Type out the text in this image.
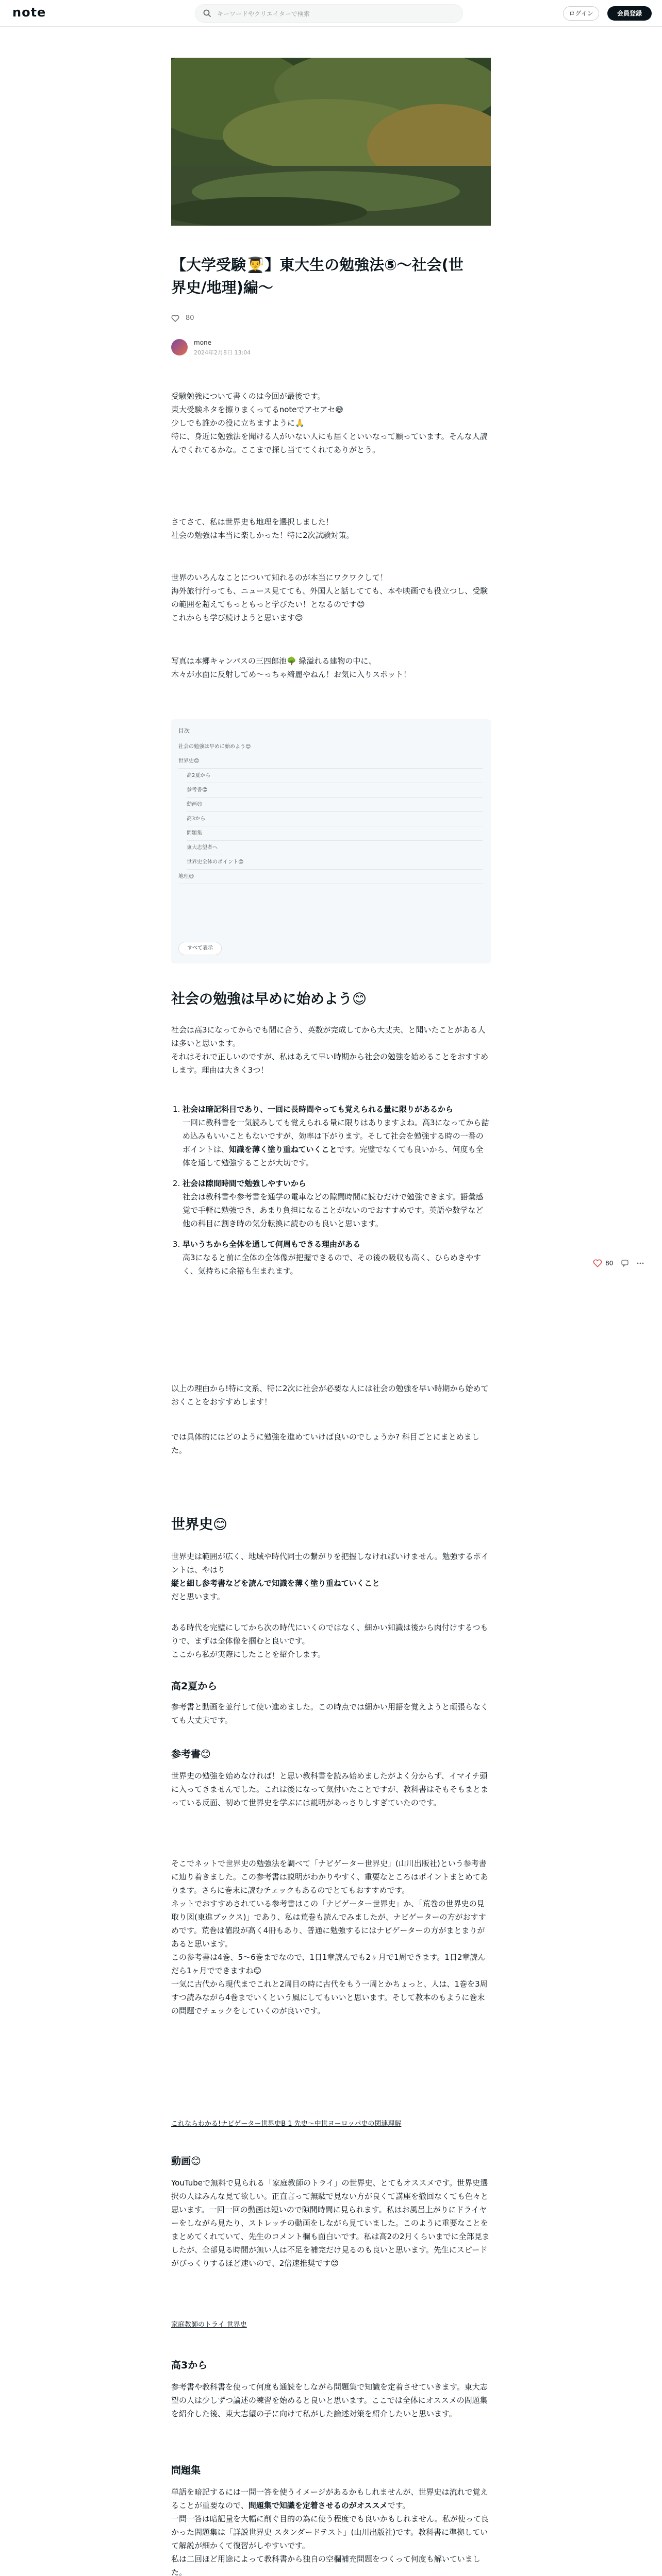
note	キーワードやクリエイターで検索	ログイン	会員登録
【大学受験👨‍🎓】東大生の勉強法⑤〜社会(世
界史/地理)編〜
80
mone
2024年2月8日 13:04
受験勉強について書くのは今回が最後です。
東大受験ネタを擦りまくってるnoteでアセアセ😅
少しでも誰かの役に立ちますように🙏
特に、身近に勉強法を聞ける人がいない人にも届くといいなって願っています。そんな人読んでくれてるかな。ここまで探し当ててくれてありがとう。
さてさて、私は世界史も地理を選択しました！
社会の勉強は本当に楽しかった！特に2次試験対策。
世界のいろんなことについて知れるのが本当にワクワクして！
海外旅行行っても、ニュース見てても、外国人と話してても、本や映画でも役立つし、受験の範囲を超えてもっともっと学びたい！となるのです😊
これからも学び続けようと思います😊
写真は本郷キャンパスの三四郎池🌳 緑溢れる建物の中に、
木々が水面に反射してめ〜っちゃ綺麗やねん！お気に入りスポット！
目次
社会の勉強は早めに始めよう😊
世界史😊
高2夏から
参考書😊
動画😊
高3から
問題集
東大志望者へ
世界史全体のポイント😊
地理😊
すべて表示
社会の勉強は早めに始めよう😊
社会は高3になってからでも間に合う、英数が完成してから大丈夫、と聞いたことがある人は多いと思います。
それはそれで正しいのですが、私はあえて早い時期から社会の勉強を始めることをおすすめします。理由は大きく3つ！
1. 社会は暗記科目であり、一回に長時間やっても覚えられる量に限りがあるから
一回に教科書を一気読みしても覚えられる量に限りはありますよね。高3になってから詰め込みもいいこともないですが、効率は下がります。そして社会を勉強する時の一番のポイントは、知識を薄く塗り重ねていくことです。完璧でなくても良いから、何度も全体を通して勉強することが大切です。
2. 社会は隙間時間で勉強しやすいから
社会は教科書や参考書を通学の電車などの隙間時間に読むだけで勉強できます。語彙感覚で手軽に勉強でき、あまり負担になることがないのでおすすめです。英語や数学など他の科目に割き時の気分転換に読むのも良いと思います。
3. 早いうちから全体を通して何周もできる理由がある
高3になると前に全体の全体像が把握できるので、その後の吸収も高く、ひらめきやすく、気持ちに余裕も生まれます。
以上の理由から!特に文系、特に2次に社会が必要な人には社会の勉強を早い時期から始めておくことをおすすめします！
では具体的にはどのように勉強を進めていけば良いのでしょうか? 科目ごとにまとめました。
世界史😊
世界史は範囲が広く、地域や時代同士の繋がりを把握しなければいけません。勉強するポイントは、やはり
縦と細し参考書などを読んで知識を薄く塗り重ねていくこと
だと思います。
ある時代を完璧にしてから次の時代にいくのではなく、細かい知識は後から肉付けするつもりで、まずは全体像を掴むと良いです。
ここから私が実際にしたことを紹介します。
高2夏から
参考書と動画を並行して使い進めました。この時点では細かい用語を覚えようと頑張らなくても大丈夫です。
参考書😊
世界史の勉強を始めなければ！と思い教科書を読み始めましたがよく分からず、イマイチ頭に入ってきませんでした。これは後になって気付いたことですが、教科書はそもそもまとまっている反面、初めて世界史を学ぶには説明があっさりしすぎていたのです。
そこでネットで世界史の勉強法を調べて「ナビゲーター世界史」(山川出版社)という参考書に辿り着きました。この参考書は説明がわかりやすく、重要なところはポイントまとめてあります。さらに巻末に読むチェックもあるのでとてもおすすめです。
ネットでおすすめされている参考書はこの「ナビゲーター世界史」か、「荒巻の世界史の見取り図(東進ブックス)」であり、私は荒巻も読んでみましたが、ナビゲーターの方がおすすめです。荒巻は値段が高く4冊もあり、普通に勉強するにはナビゲーターの方がまとまりがあると思います。
この参考書は4巻、5～6巻までなので、1日1章読んでも2ヶ月で1周できます。1日2章読んだら1ヶ月でできますね😊
一気に古代から現代までこれと2周目の時に古代をもう一周とかちょっと、人は、1巻を3周すつ読みながら4巻までいくという風にしてもいいと思います。そして教本のもように巻末の問題でチェックをしていくのが良いです。
これならわかる!ナビゲーター世界史B 1 先史～中世ヨーロッパ史の関連理解
動画😊
YouTubeで無料で見られる「家庭教師のトライ」の世界史、とてもオススメです。世界史選択の人はみんな見て欲しい。正直言って無駄で見ない方が良くて講座を撤回なくても色々と思います。一回一回の動画は短いので隙間時間に見られます。私はお風呂上がりにドライヤーをしながら見たり、ストレッチの動画をしながら見ていました。このように重要なことをまとめてくれていて、先生のコメント欄も面白いです。私は高2の2月くらいまでに全部見ましたが、全部見る時間が無い人は不足を補完だけ見るのも良いと思います。先生にスピードがびっくりするほど速いので、2倍速推奨です😊
家庭教師のトライ 世界史
高3から
参考書や教科書を使って何度も通読をしながら問題集で知識を定着させていきます。東大志望の人は少しずつ論述の練習を始めると良いと思います。ここでは全体にオススメの問題集を紹介した後、東大志望の子に向けて私がした論述対策を紹介したいと思います。
問題集
単語を暗記するには一問一答を使うイメージがあるかもしれませんが、世界史は流れで覚えることが重要なので、問題集で知識を定着させるのがオススメです。
一問一答は暗記量を大幅に削ぐ目的の為に使う程度でも良いかもしれません。私が使って良かった問題集は「詳説世界史 スタンダードテスト」(山川出版社)です。教科書に準拠していて解説が細かくて復習がしやすいです。
私は二回ほど用途によって教科書から独自の空欄補充問題をつくって何度も解いていました。
80
